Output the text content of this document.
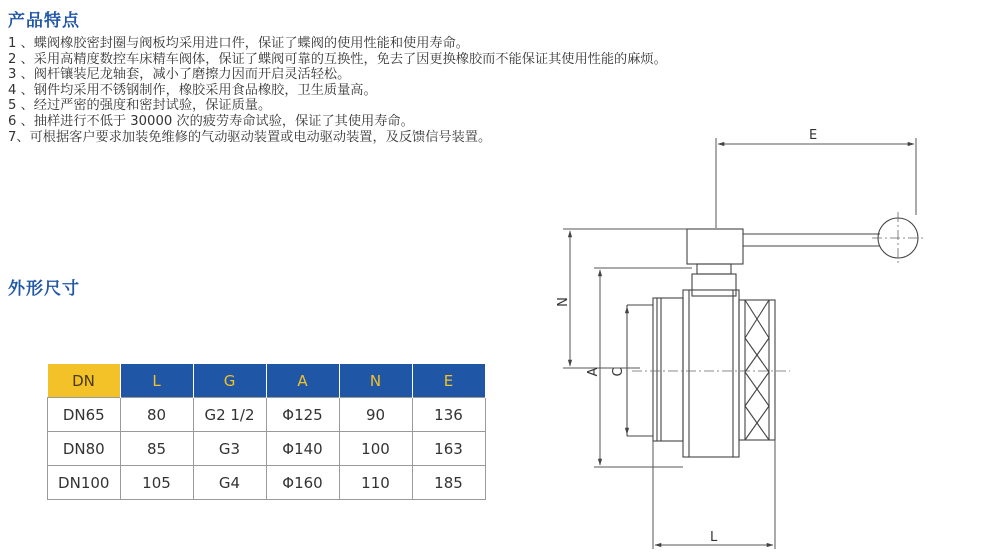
产品特点
1 、蝶阀橡胶密封圈与阀板均采用进口件，保证了蝶阀的使用性能和使用寿命。
2 、采用高精度数控车床精车阀体，保证了蝶阀可靠的互换性，免去了因更换橡胶而不能保证其使用性能的麻烦。
3 、阀杆镶装尼龙轴套，减小了磨擦力因而开启灵活轻松。
4 、钢件均采用不锈钢制作，橡胶采用食品橡胶，卫生质量高。
5 、经过严密的强度和密封试验，保证质量。
6 、抽样进行不低于 30000 次的疲劳寿命试验，保证了其使用寿命。
7、可根据客户要求加装免维修的气动驱动装置或电动驱动装置，及反馈信号装置。
外形尺寸
DN	L	G	A	N	E
DN65	80	G2 1/2	Φ125	90	136
DN80	85	G3	Φ140	100	163
DN100	105	G4	Φ160	110	185
E
N
A C
L
